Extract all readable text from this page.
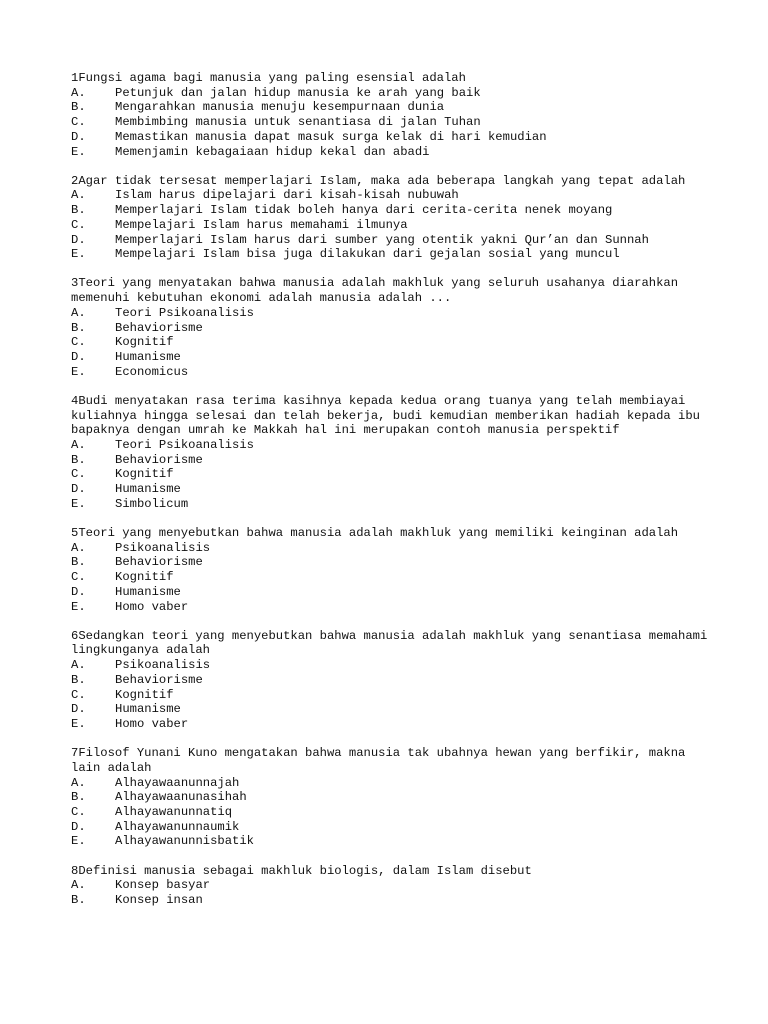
1Fungsi agama bagi manusia yang paling esensial adalah
A.	Petunjuk dan jalan hidup manusia ke arah yang baik
B.	Mengarahkan manusia menuju kesempurnaan dunia
C.	Membimbing manusia untuk senantiasa di jalan Tuhan
D.	Memastikan manusia dapat masuk surga kelak di hari kemudian
E.	Memenjamin kebagaiaan hidup kekal dan abadi
2Agar tidak tersesat memperlajari Islam, maka ada beberapa langkah yang tepat adalah
A.	Islam harus dipelajari dari kisah-kisah nubuwah
B.	Memperlajari Islam tidak boleh hanya dari cerita-cerita nenek moyang
C.	Mempelajari Islam harus memahami ilmunya
D.	Memperlajari Islam harus dari sumber yang otentik yakni Qur’an dan Sunnah
E.	Mempelajari Islam bisa juga dilakukan dari gejalan sosial yang muncul
3Teori yang menyatakan bahwa manusia adalah makhluk yang seluruh usahanya diarahkan memenuhi kebutuhan ekonomi adalah manusia adalah ...
A.	Teori Psikoanalisis
B.	Behaviorisme
C.	Kognitif
D.	Humanisme
E.	Economicus
4Budi menyatakan rasa terima kasihnya kepada kedua orang tuanya yang telah membiayai kuliahnya hingga selesai dan telah bekerja, budi kemudian memberikan hadiah kepada ibu bapaknya dengan umrah ke Makkah hal ini merupakan contoh manusia perspektif
A.	Teori Psikoanalisis
B.	Behaviorisme
C.	Kognitif
D.	Humanisme
E.	Simbolicum
5Teori yang menyebutkan bahwa manusia adalah makhluk yang memiliki keinginan adalah
A.	Psikoanalisis
B.	Behaviorisme
C.	Kognitif
D.	Humanisme
E.	Homo vaber
6Sedangkan teori yang menyebutkan bahwa manusia adalah makhluk yang senantiasa memahami lingkunganya adalah
A.	Psikoanalisis
B.	Behaviorisme
C.	Kognitif
D.	Humanisme
E.	Homo vaber
7Filosof Yunani Kuno mengatakan bahwa manusia tak ubahnya hewan yang berfikir, makna lain adalah
A.	Alhayawaanunnajah
B.	Alhayawaanunasihah
C.	Alhayawanunnatiq
D.	Alhayawanunnaumik
E.	Alhayawanunnisbatik
8Definisi manusia sebagai makhluk biologis, dalam Islam disebut
A.	Konsep basyar
B.	Konsep insan
